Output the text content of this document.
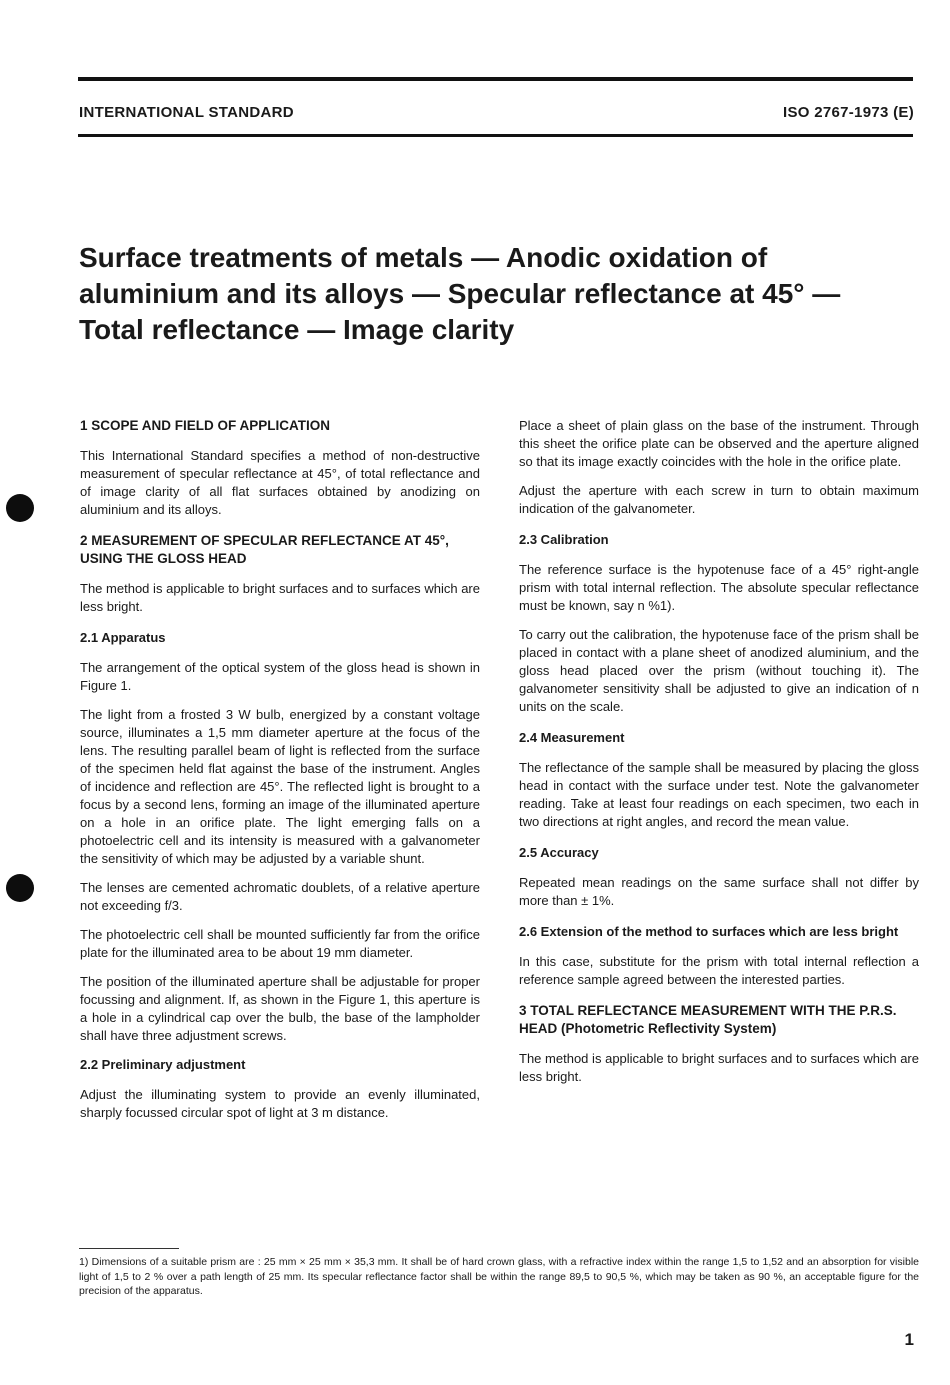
INTERNATIONAL STANDARD	ISO 2767-1973 (E)
Surface treatments of metals — Anodic oxidation of
aluminium and its alloys — Specular reflectance at 45° —
Total reflectance — Image clarity
1 SCOPE AND FIELD OF APPLICATION

This International Standard specifies a method of non-destructive measurement of specular reflectance at 45°, of total reflectance and of image clarity of all flat surfaces obtained by anodizing on aluminium and its alloys.

2 MEASUREMENT OF SPECULAR REFLECTANCE AT 45°, USING THE GLOSS HEAD

The method is applicable to bright surfaces and to surfaces which are less bright.

2.1 Apparatus

The arrangement of the optical system of the gloss head is shown in Figure 1.

The light from a frosted 3 W bulb, energized by a constant voltage source, illuminates a 1,5 mm diameter aperture at the focus of the lens. The resulting parallel beam of light is reflected from the surface of the specimen held flat against the base of the instrument. Angles of incidence and reflection are 45°. The reflected light is brought to a focus by a second lens, forming an image of the illuminated aperture on a hole in an orifice plate. The light emerging falls on a photoelectric cell and its intensity is measured with a galvanometer the sensitivity of which may be adjusted by a variable shunt.

The lenses are cemented achromatic doublets, of a relative aperture not exceeding f/3.

The photoelectric cell shall be mounted sufficiently far from the orifice plate for the illuminated area to be about 19 mm diameter.

The position of the illuminated aperture shall be adjustable for proper focussing and alignment. If, as shown in the Figure 1, this aperture is a hole in a cylindrical cap over the bulb, the base of the lampholder shall have three adjustment screws.

2.2 Preliminary adjustment

Adjust the illuminating system to provide an evenly illuminated, sharply focussed circular spot of light at 3 m distance.

Place a sheet of plain glass on the base of the instrument. Through this sheet the orifice plate can be observed and the aperture aligned so that its image exactly coincides with the hole in the orifice plate.

Adjust the aperture with each screw in turn to obtain maximum indication of the galvanometer.

2.3 Calibration

The reference surface is the hypotenuse face of a 45° right-angle prism with total internal reflection. The absolute specular reflectance must be known, say n %1).

To carry out the calibration, the hypotenuse face of the prism shall be placed in contact with a plane sheet of anodized aluminium, and the gloss head placed over the prism (without touching it). The galvanometer sensitivity shall be adjusted to give an indication of n units on the scale.

2.4 Measurement

The reflectance of the sample shall be measured by placing the gloss head in contact with the surface under test. Note the galvanometer reading. Take at least four readings on each specimen, two each in two directions at right angles, and record the mean value.

2.5 Accuracy

Repeated mean readings on the same surface shall not differ by more than ± 1%.

2.6 Extension of the method to surfaces which are less bright

In this case, substitute for the prism with total internal reflection a reference sample agreed between the interested parties.

3 TOTAL REFLECTANCE MEASUREMENT WITH THE P.R.S. HEAD (Photometric Reflectivity System)

The method is applicable to bright surfaces and to surfaces which are less bright.

1) Dimensions of a suitable prism are : 25 mm × 25 mm × 35,3 mm. It shall be of hard crown glass, with a refractive index within the range 1,5 to 1,52 and an absorption for visible light of 1,5 to 2 % over a path length of 25 mm. Its specular reflectance factor shall be within the range 89,5 to 90,5 %, which may be taken as 90 %, an acceptable figure for the precision of the apparatus.

1
